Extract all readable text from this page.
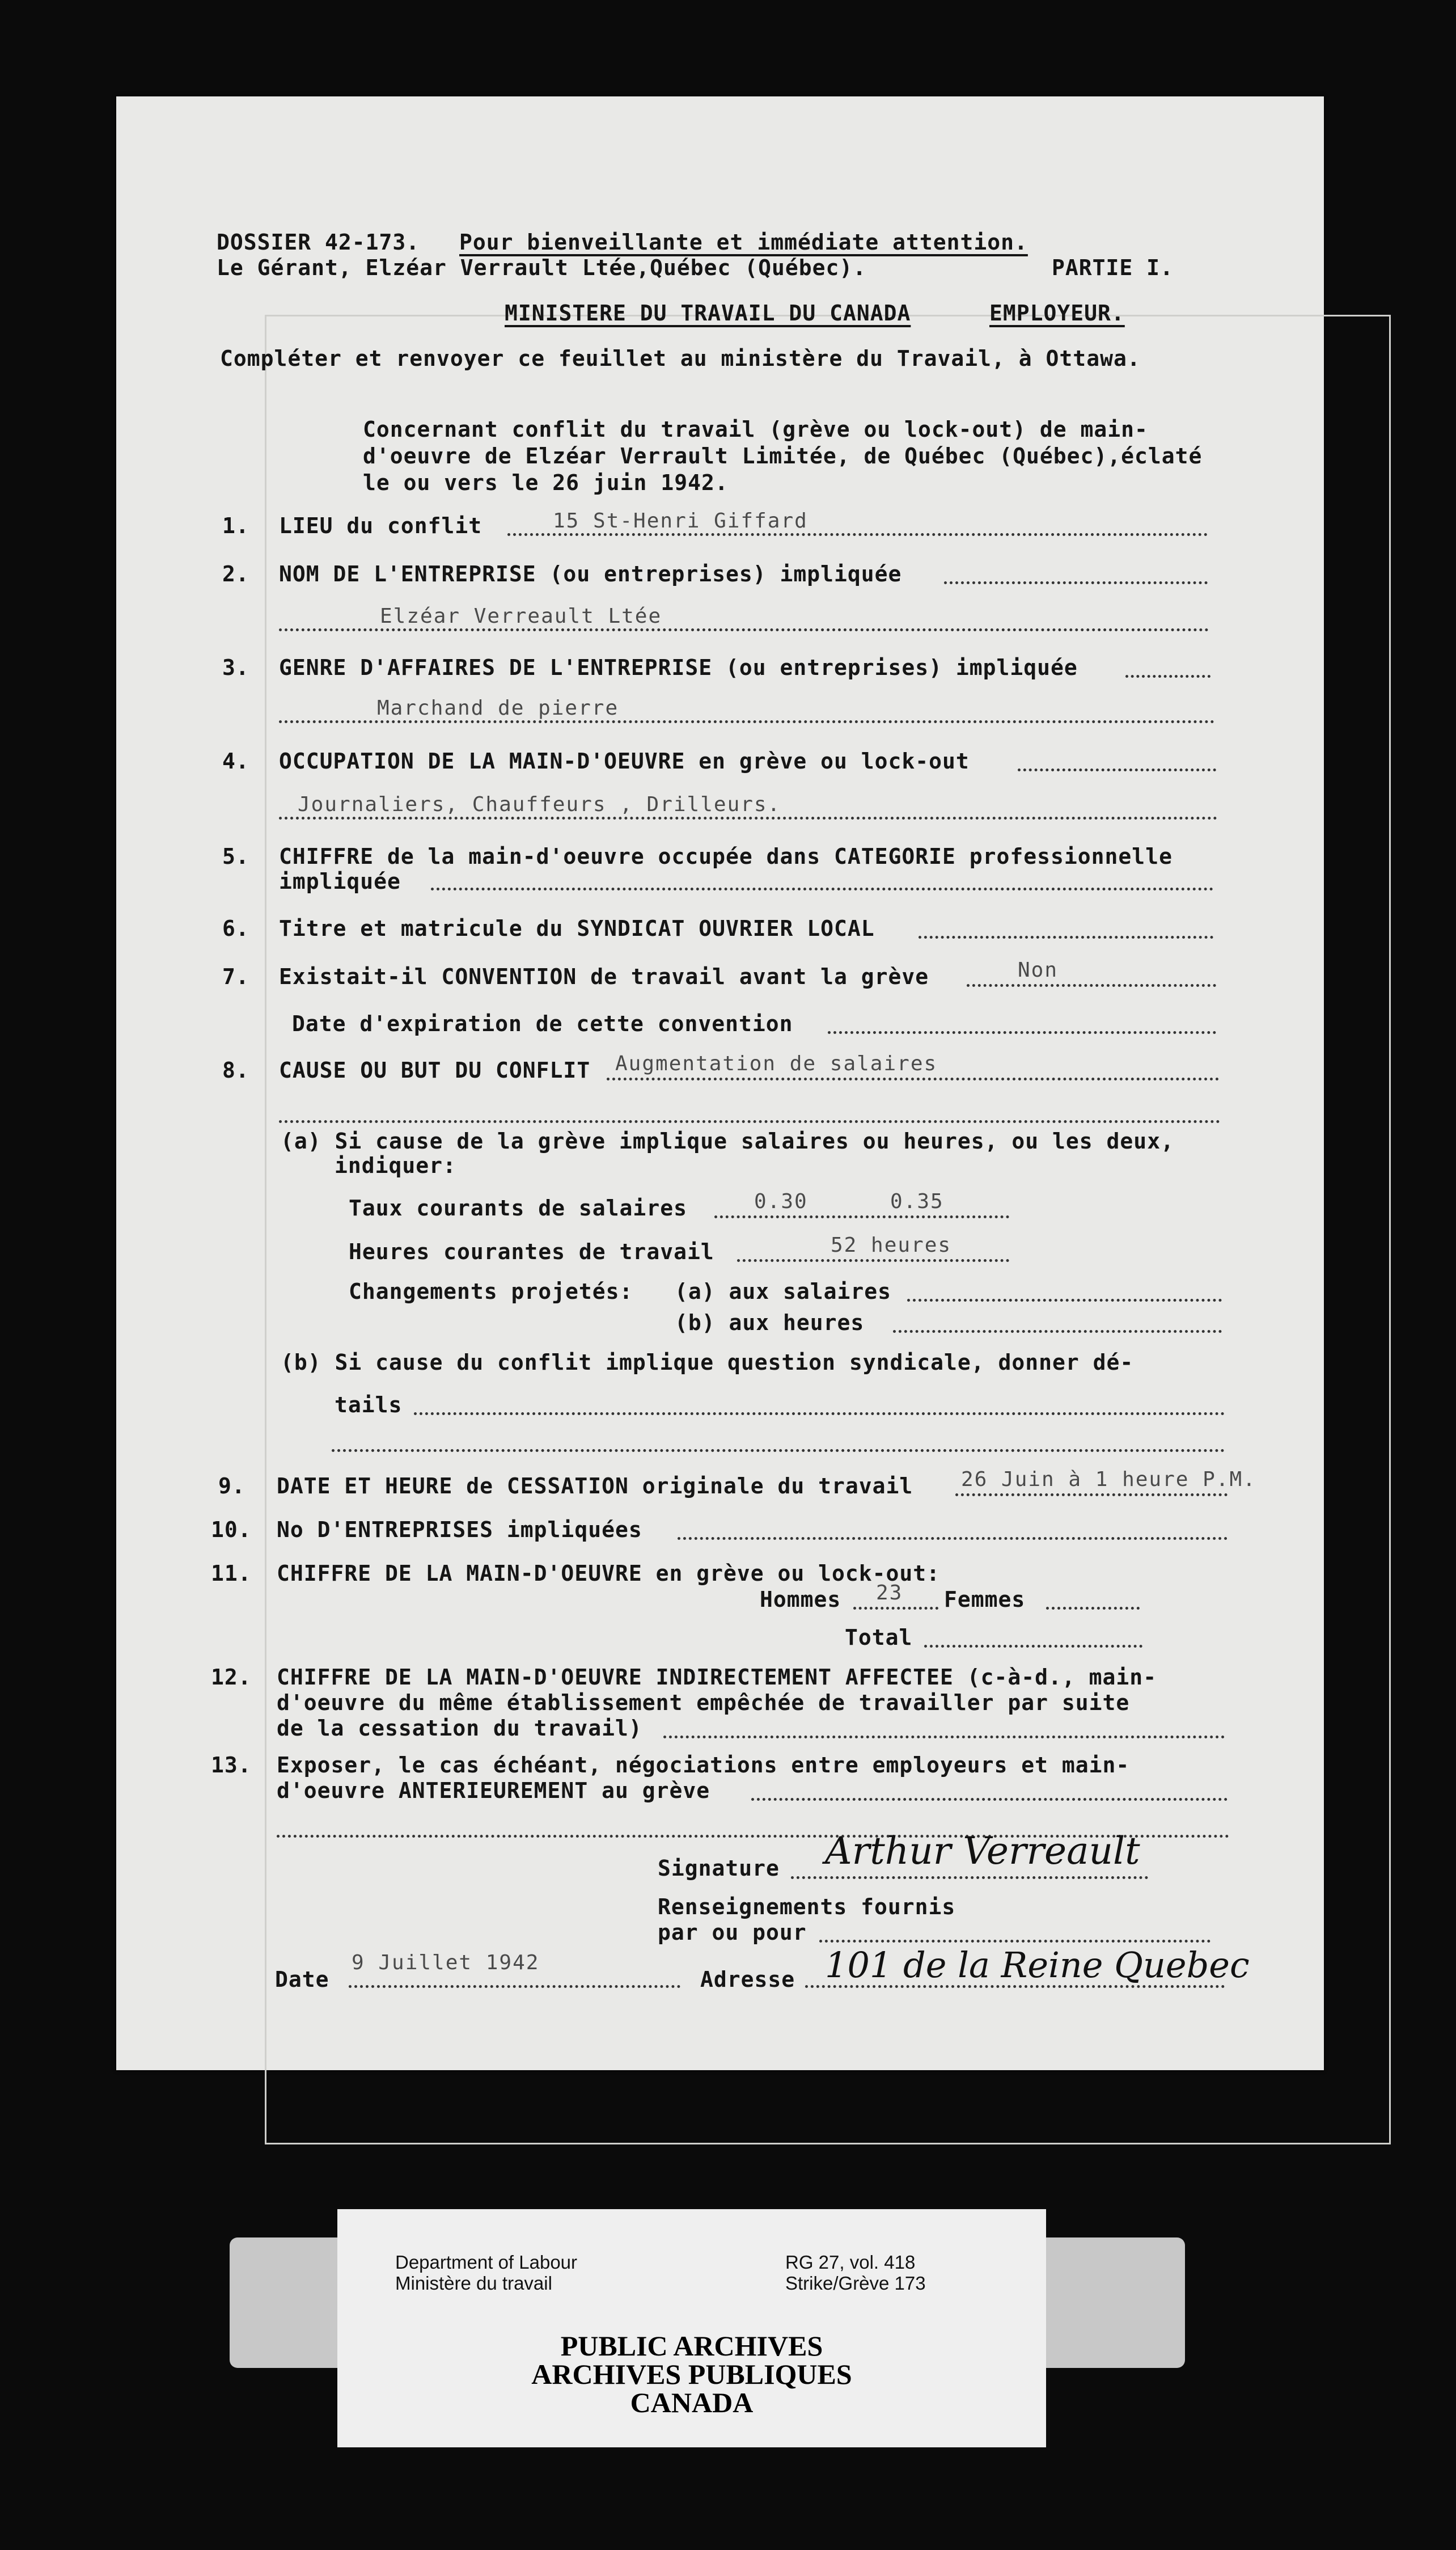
DOSSIER 42-173. Pour bienveillante et immédiate attention.
Le Gérant, Elzéar Verrault Ltée,Québec (Québec).	PARTIE I.
MINISTERE DU TRAVAIL DU CANADA	EMPLOYEUR.
Compléter et renvoyer ce feuillet au ministère du Travail, à Ottawa.
Concernant conflit du travail (grève ou lock-out) de main-
d'oeuvre de Elzéar Verrault Limitée, de Québec (Québec),éclaté
le ou vers le 26 juin 1942.
1. LIEU du conflit	15 St-Henri Giffard
2. NOM DE L'ENTREPRISE (ou entreprises) impliquée
Elzéar Verreault Ltée
3. GENRE D'AFFAIRES DE L'ENTREPRISE (ou entreprises) impliquée
Marchand de pierre
4. OCCUPATION DE LA MAIN-D'OEUVRE en grève ou lock-out
Journaliers, Chauffeurs , Drilleurs.
5. CHIFFRE de la main-d'oeuvre occupée dans CATEGORIE professionnelle
impliquée
6. Titre et matricule du SYNDICAT OUVRIER LOCAL
7. Existait-il CONVENTION de travail avant la grève	Non
Date d'expiration de cette convention
8. CAUSE OU BUT DU CONFLIT Augmentation de salaires
(a) Si cause de la grève implique salaires ou heures, ou les deux,
indiquer:
Taux courants de salaires	0.30	0.35
Heures courantes de travail	52 heures
Changements projetés: (a) aux salaires
(b) aux heures
(b) Si cause du conflit implique question syndicale, donner dé-
tails
9. DATE ET HEURE de CESSATION originale du travail 26 Juin à 1 heure P.M.
10. No D'ENTREPRISES impliquées
11. CHIFFRE DE LA MAIN-D'OEUVRE en grève ou lock-out:
Hommes 23 Femmes
Total
12. CHIFFRE DE LA MAIN-D'OEUVRE INDIRECTEMENT AFFECTEE (c-à-d., main-
d'oeuvre du même établissement empêchée de travailler par suite
de la cessation du travail)
13. Exposer, le cas échéant, négociations entre employeurs et main-
d'oeuvre ANTERIEUREMENT au grève
Signature Arthur Verreault
Renseignements fournis
par ou pour
Date
9 Juillet 1942
Adresse 101 de la Reine Quebec
Department of Labour
Ministère du travail
RG 27, vol. 418
Strike/Grève 173
PUBLIC ARCHIVES
ARCHIVES PUBLIQUES
CANADA
